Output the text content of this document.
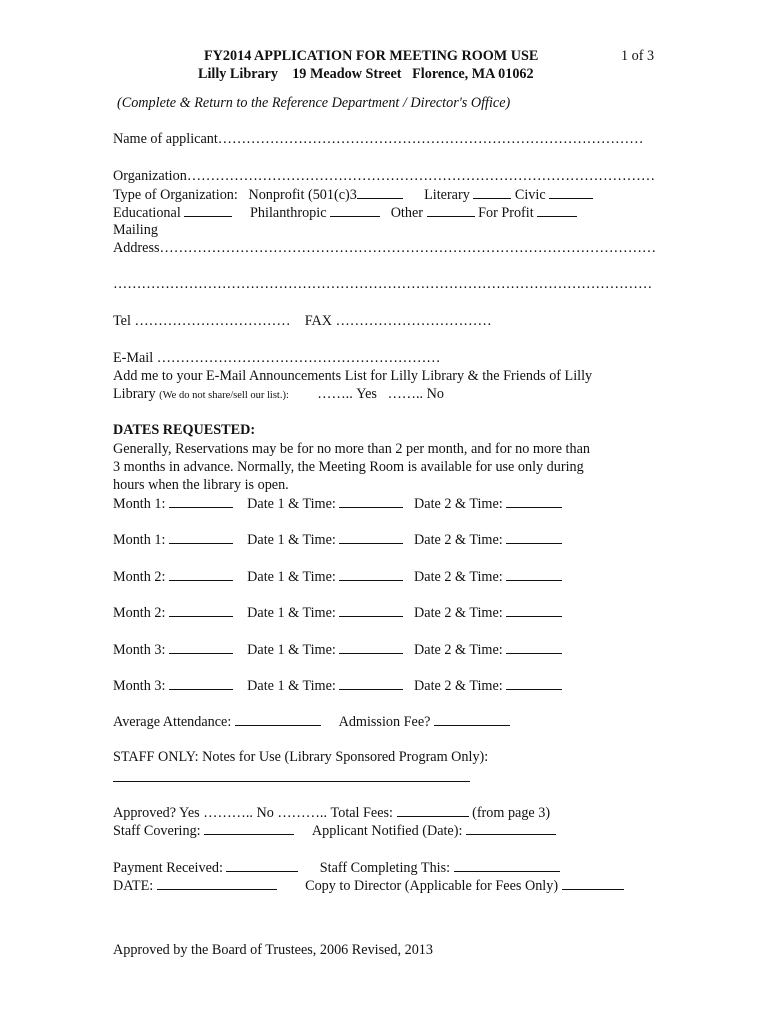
FY2014 APPLICATION FOR MEETING ROOM USE	1 of 3
Lilly Library 19 Meadow Street Florence, MA 01062
(Complete & Return to the Reference Department / Director's Office)
Name of applicant………………………………………………………………………………
Organization………………………………………………………………………………………
Type of Organization: Nonprofit (501(c)3	Literary	Civic
Educational	Philanthropic	Other	For Profit
Mailing
Address……………………………………………………………………………………………
……………………………………………………………………………………………………
Tel …………………………… FAX ……………………………
E-Mail ……………………………………………………
Add me to your E-Mail Announcements List for Lilly Library & the Friends of Lilly
Library (We do not share/sell our list.): …….. Yes …….. No
DATES REQUESTED:
Generally, Reservations may be for no more than 2 per month, and for no more than
3 months in advance. Normally, the Meeting Room is available for use only during
hours when the library is open.
Month 1:	Date 1 & Time:	Date 2 & Time:
Month 1:	Date 1 & Time:	Date 2 & Time:
Month 2:	Date 1 & Time:	Date 2 & Time:
Month 2:	Date 1 & Time:	Date 2 & Time:
Month 3:	Date 1 & Time:	Date 2 & Time:
Month 3:	Date 1 & Time:	Date 2 & Time:
Average Attendance:	Admission Fee?
STAFF ONLY: Notes for Use (Library Sponsored Program Only):
Approved? Yes ……….. No ……….. Total Fees:	(from page 3)
Staff Covering:	Applicant Notified (Date):
Payment Received:	Staff Completing This:
DATE:	Copy to Director (Applicable for Fees Only)
Approved by the Board of Trustees, 2006 Revised, 2013
